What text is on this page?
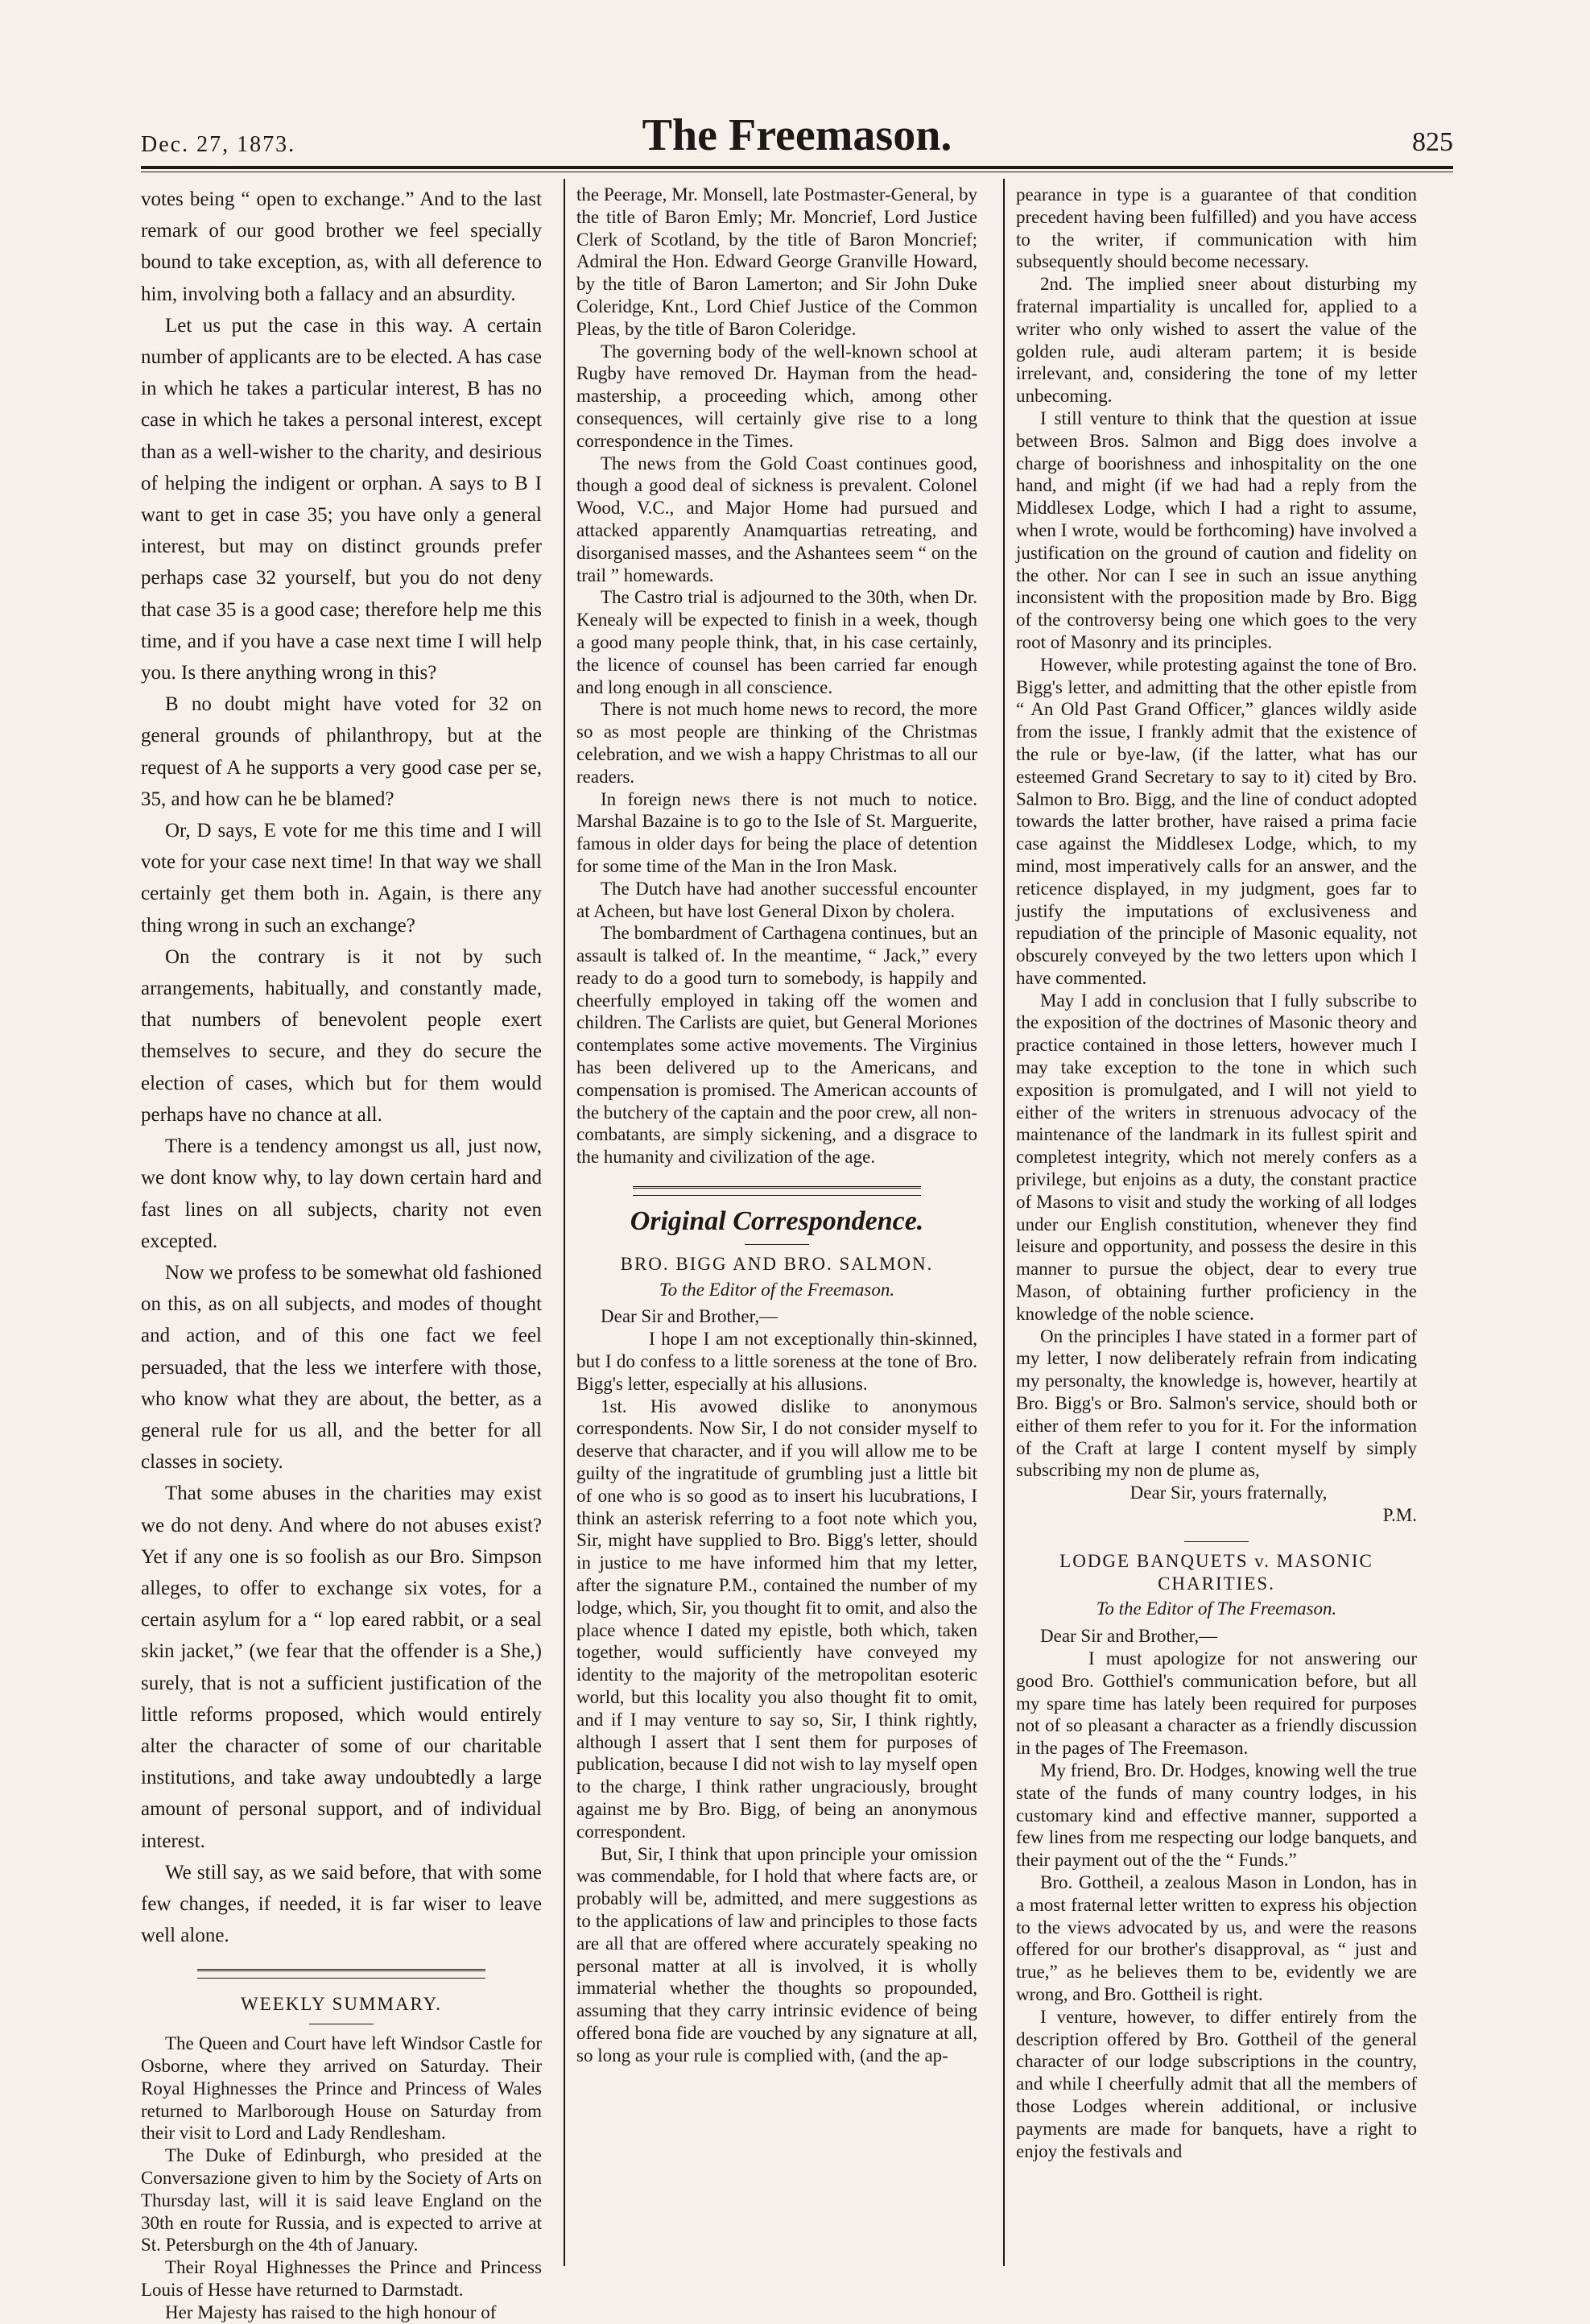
Dec. 27, 1873.	The Freemason.	825

votes being “ open to exchange.” And to the last remark of our good brother we feel specially bound to take exception, as, with all deference to him, involving both a fallacy and an absurdity.

Let us put the case in this way. A certain number of applicants are to be elected. A has case in which he takes a particular interest, B has no case in which he takes a personal interest, except than as a well-wisher to the charity, and desirious of helping the indigent or orphan. A says to B I want to get in case 35; you have only a general interest, but may on distinct grounds prefer perhaps case 32 yourself, but you do not deny that case 35 is a good case; therefore help me this time, and if you have a case next time I will help you. Is there anything wrong in this?

B no doubt might have voted for 32 on general grounds of philanthropy, but at the request of A he supports a very good case per se, 35, and how can he be blamed?

Or, D says, E vote for me this time and I will vote for your case next time! In that way we shall certainly get them both in. Again, is there any thing wrong in such an exchange?

On the contrary is it not by such arrangements, habitually, and constantly made, that numbers of benevolent people exert themselves to secure, and they do secure the election of cases, which but for them would perhaps have no chance at all.

There is a tendency amongst us all, just now, we dont know why, to lay down certain hard and fast lines on all subjects, charity not even excepted.

Now we profess to be somewhat old fashioned on this, as on all subjects, and modes of thought and action, and of this one fact we feel persuaded, that the less we interfere with those, who know what they are about, the better, as a general rule for us all, and the better for all classes in society.

That some abuses in the charities may exist we do not deny. And where do not abuses exist? Yet if any one is so foolish as our Bro. Simpson alleges, to offer to exchange six votes, for a certain asylum for a “ lop eared rabbit, or a seal skin jacket,” (we fear that the offender is a She,) surely, that is not a sufficient justification of the little reforms proposed, which would entirely alter the character of some of our charitable institutions, and take away undoubtedly a large amount of personal support, and of individual interest.

We still say, as we said before, that with some few changes, if needed, it is far wiser to leave well alone.

WEEKLY SUMMARY.

The Queen and Court have left Windsor Castle for Osborne, where they arrived on Saturday. Their Royal Highnesses the Prince and Princess of Wales returned to Marlborough House on Saturday from their visit to Lord and Lady Rendlesham.

The Duke of Edinburgh, who presided at the Conversazione given to him by the Society of Arts on Thursday last, will it is said leave England on the 30th en route for Russia, and is expected to arrive at St. Petersburgh on the 4th of January.

Their Royal Highnesses the Prince and Princess Louis of Hesse have returned to Darmstadt.

Her Majesty has raised to the high honour of

the Peerage, Mr. Monsell, late Postmaster-General, by the title of Baron Emly; Mr. Moncrief, Lord Justice Clerk of Scotland, by the title of Baron Moncrief; Admiral the Hon. Edward George Granville Howard, by the title of Baron Lamerton; and Sir John Duke Coleridge, Knt., Lord Chief Justice of the Common Pleas, by the title of Baron Coleridge.

The governing body of the well-known school at Rugby have removed Dr. Hayman from the head-mastership, a proceeding which, among other consequences, will certainly give rise to a long correspondence in the Times.

The news from the Gold Coast continues good, though a good deal of sickness is prevalent. Colonel Wood, V.C., and Major Home had pursued and attacked apparently Anamquartias retreating, and disorganised masses, and the Ashantees seem “ on the trail ” homewards.

The Castro trial is adjourned to the 30th, when Dr. Kenealy will be expected to finish in a week, though a good many people think, that, in his case certainly, the licence of counsel has been carried far enough and long enough in all conscience.

There is not much home news to record, the more so as most people are thinking of the Christmas celebration, and we wish a happy Christmas to all our readers.

In foreign news there is not much to notice. Marshal Bazaine is to go to the Isle of St. Marguerite, famous in older days for being the place of detention for some time of the Man in the Iron Mask.

The Dutch have had another successful encounter at Acheen, but have lost General Dixon by cholera.

The bombardment of Carthagena continues, but an assault is talked of. In the meantime, “ Jack,” every ready to do a good turn to somebody, is happily and cheerfully employed in taking off the women and children. The Carlists are quiet, but General Moriones contemplates some active movements. The Virginius has been delivered up to the Americans, and compensation is promised. The American accounts of the butchery of the captain and the poor crew, all non-combatants, are simply sickening, and a disgrace to the humanity and civilization of the age.

Original Correspondence.

BRO. BIGG AND BRO. SALMON.

To the Editor of the Freemason.

Dear Sir and Brother,—

I hope I am not exceptionally thin-skinned, but I do confess to a little soreness at the tone of Bro. Bigg's letter, especially at his allusions.

1st. His avowed dislike to anonymous correspondents. Now Sir, I do not consider myself to deserve that character, and if you will allow me to be guilty of the ingratitude of grumbling just a little bit of one who is so good as to insert his lucubrations, I think an asterisk referring to a foot note which you, Sir, might have supplied to Bro. Bigg's letter, should in justice to me have informed him that my letter, after the signature P.M., contained the number of my lodge, which, Sir, you thought fit to omit, and also the place whence I dated my epistle, both which, taken together, would sufficiently have conveyed my identity to the majority of the metropolitan esoteric world, but this locality you also thought fit to omit, and if I may venture to say so, Sir, I think rightly, although I assert that I sent them for purposes of publication, because I did not wish to lay myself open to the charge, I think rather ungraciously, brought against me by Bro. Bigg, of being an anonymous correspondent.

But, Sir, I think that upon principle your omission was commendable, for I hold that where facts are, or probably will be, admitted, and mere suggestions as to the applications of law and principles to those facts are all that are offered where accurately speaking no personal matter at all is involved, it is wholly immaterial whether the thoughts so propounded, assuming that they carry intrinsic evidence of being offered bona fide are vouched by any signature at all, so long as your rule is complied with, (and the ap-

pearance in type is a guarantee of that condition precedent having been fulfilled) and you have access to the writer, if communication with him subsequently should become necessary.

2nd. The implied sneer about disturbing my fraternal impartiality is uncalled for, applied to a writer who only wished to assert the value of the golden rule, audi alteram partem; it is beside irrelevant, and, considering the tone of my letter unbecoming.

I still venture to think that the question at issue between Bros. Salmon and Bigg does involve a charge of boorishness and inhospitality on the one hand, and might (if we had had a reply from the Middlesex Lodge, which I had a right to assume, when I wrote, would be forthcoming) have involved a justification on the ground of caution and fidelity on the other. Nor can I see in such an issue anything inconsistent with the proposition made by Bro. Bigg of the controversy being one which goes to the very root of Masonry and its principles.

However, while protesting against the tone of Bro. Bigg's letter, and admitting that the other epistle from “ An Old Past Grand Officer,” glances wildly aside from the issue, I frankly admit that the existence of the rule or bye-law, (if the latter, what has our esteemed Grand Secretary to say to it) cited by Bro. Salmon to Bro. Bigg, and the line of conduct adopted towards the latter brother, have raised a prima facie case against the Middlesex Lodge, which, to my mind, most imperatively calls for an answer, and the reticence displayed, in my judgment, goes far to justify the imputations of exclusiveness and repudiation of the principle of Masonic equality, not obscurely conveyed by the two letters upon which I have commented.

May I add in conclusion that I fully subscribe to the exposition of the doctrines of Masonic theory and practice contained in those letters, however much I may take exception to the tone in which such exposition is promulgated, and I will not yield to either of the writers in strenuous advocacy of the maintenance of the landmark in its fullest spirit and completest integrity, which not merely confers as a privilege, but enjoins as a duty, the constant practice of Masons to visit and study the working of all lodges under our English constitution, whenever they find leisure and opportunity, and possess the desire in this manner to pursue the object, dear to every true Mason, of obtaining further proficiency in the knowledge of the noble science.

On the principles I have stated in a former part of my letter, I now deliberately refrain from indicating my personalty, the knowledge is, however, heartily at Bro. Bigg's or Bro. Salmon's service, should both or either of them refer to you for it. For the information of the Craft at large I content myself by simply subscribing my non de plume as,

Dear Sir, yours fraternally,

P.M.

LODGE BANQUETS v. MASONIC CHARITIES.

To the Editor of The Freemason.

Dear Sir and Brother,—

I must apologize for not answering our good Bro. Gotthiel's communication before, but all my spare time has lately been required for purposes not of so pleasant a character as a friendly discussion in the pages of The Freemason.

My friend, Bro. Dr. Hodges, knowing well the true state of the funds of many country lodges, in his customary kind and effective manner, supported a few lines from me respecting our lodge banquets, and their payment out of the the “ Funds.”

Bro. Gottheil, a zealous Mason in London, has in a most fraternal letter written to express his objection to the views advocated by us, and were the reasons offered for our brother's disapproval, as “ just and true,” as he believes them to be, evidently we are wrong, and Bro. Gottheil is right.

I venture, however, to differ entirely from the description offered by Bro. Gottheil of the general character of our lodge subscriptions in the country, and while I cheerfully admit that all the members of those Lodges wherein additional, or inclusive payments are made for banquets, have a right to enjoy the festivals and
